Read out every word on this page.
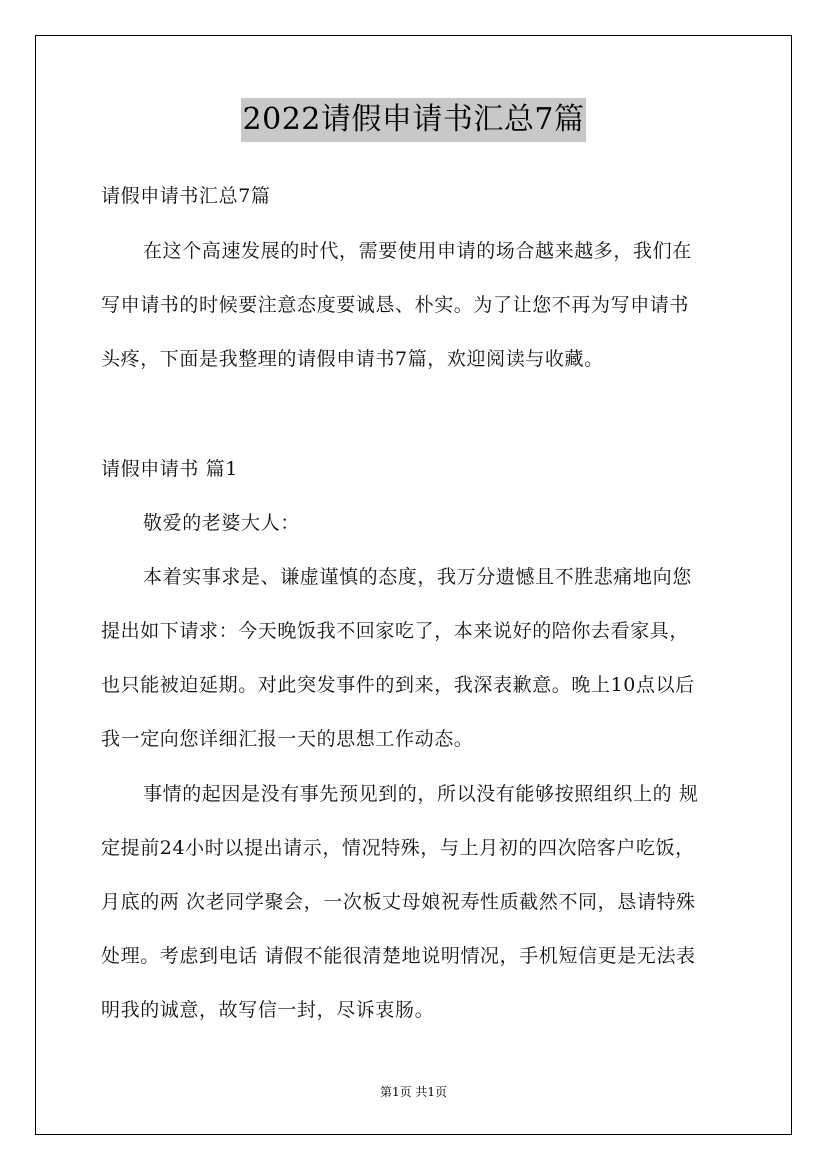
2022请假申请书汇总7篇
请假申请书汇总7篇
在这个高速发展的时代，需要使用申请的场合越来越多，我们在
写申请书的时候要注意态度要诚恳、朴实。为了让您不再为写申请书
头疼，下面是我整理的请假申请书7篇，欢迎阅读与收藏。
请假申请书 篇1
敬爱的老婆大人：
本着实事求是、谦虚谨慎的态度，我万分遗憾且不胜悲痛地向您
提出如下请求：今天晚饭我不回家吃了，本来说好的陪你去看家具，
也只能被迫延期。对此突发事件的到来，我深表歉意。晚上10点以后
我一定向您详细汇报一天的思想工作动态。
事情的起因是没有事先预见到的，所以没有能够按照组织上的 规
定提前24小时以提出请示，情况特殊，与上月初的四次陪客户吃饭，
月底的两 次老同学聚会，一次板丈母娘祝寿性质截然不同，恳请特殊
处理。考虑到电话 请假不能很清楚地说明情况，手机短信更是无法表
明我的诚意，故写信一封，尽诉衷肠。
第1页 共1页
